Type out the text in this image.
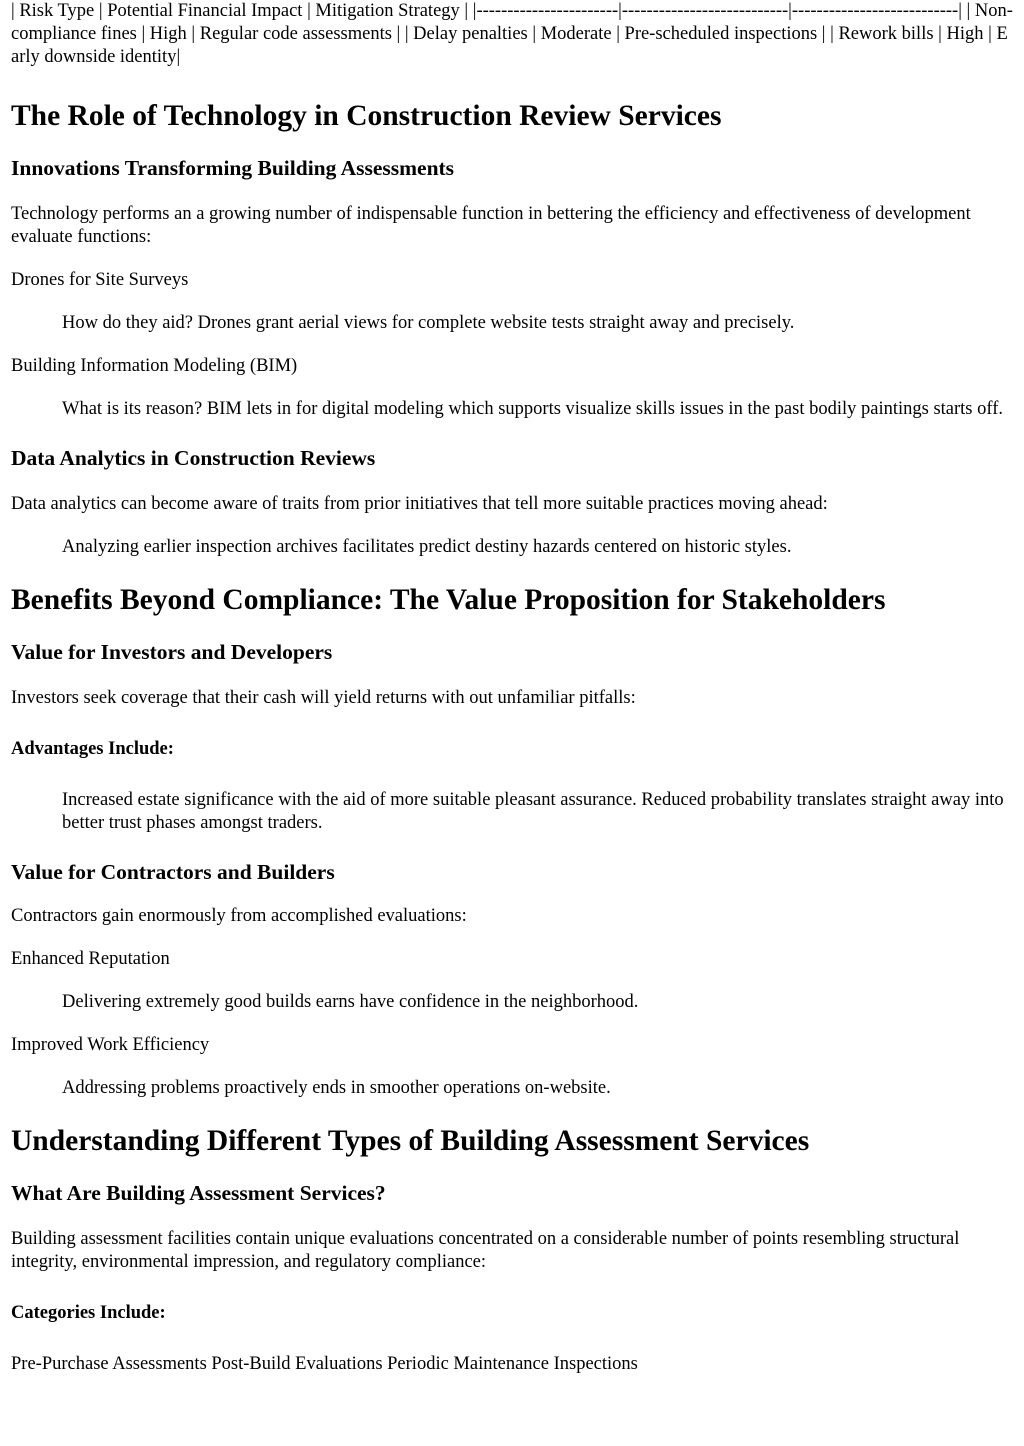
| Risk Type | Potential Financial Impact | Mitigation Strategy | |-----------------------|---------------------------|---------------------------| | Non-compliance fines | High | Regular code assessments | | Delay penalties | Moderate | Pre-scheduled inspections | | Rework bills | High | Early downside identity|

The Role of Technology in Construction Review Services
Innovations Transforming Building Assessments

Technology performs an a growing number of indispensable function in bettering the efficiency and effectiveness of development evaluate functions:

Drones for Site Surveys
How do they aid? Drones grant aerial views for complete website tests straight away and precisely.
Building Information Modeling (BIM)
What is its reason? BIM lets in for digital modeling which supports visualize skills issues in the past bodily paintings starts off.
Data Analytics in Construction Reviews

Data analytics can become aware of traits from prior initiatives that tell more suitable practices moving ahead:

Analyzing earlier inspection archives facilitates predict destiny hazards centered on historic styles.
Benefits Beyond Compliance: The Value Proposition for Stakeholders
Value for Investors and Developers

Investors seek coverage that their cash will yield returns with out unfamiliar pitfalls:

Advantages Include:

Increased estate significance with the aid of more suitable pleasant assurance. Reduced probability translates straight away into better trust phases amongst traders.
Value for Contractors and Builders

Contractors gain enormously from accomplished evaluations:

Enhanced Reputation
Delivering extremely good builds earns have confidence in the neighborhood.
Improved Work Efficiency
Addressing problems proactively ends in smoother operations on-website.
Understanding Different Types of Building Assessment Services
What Are Building Assessment Services?

Building assessment facilities contain unique evaluations concentrated on a considerable number of points resembling structural integrity, environmental impression, and regulatory compliance:

Categories Include:

Pre-Purchase Assessments Post-Build Evaluations Periodic Maintenance Inspections
